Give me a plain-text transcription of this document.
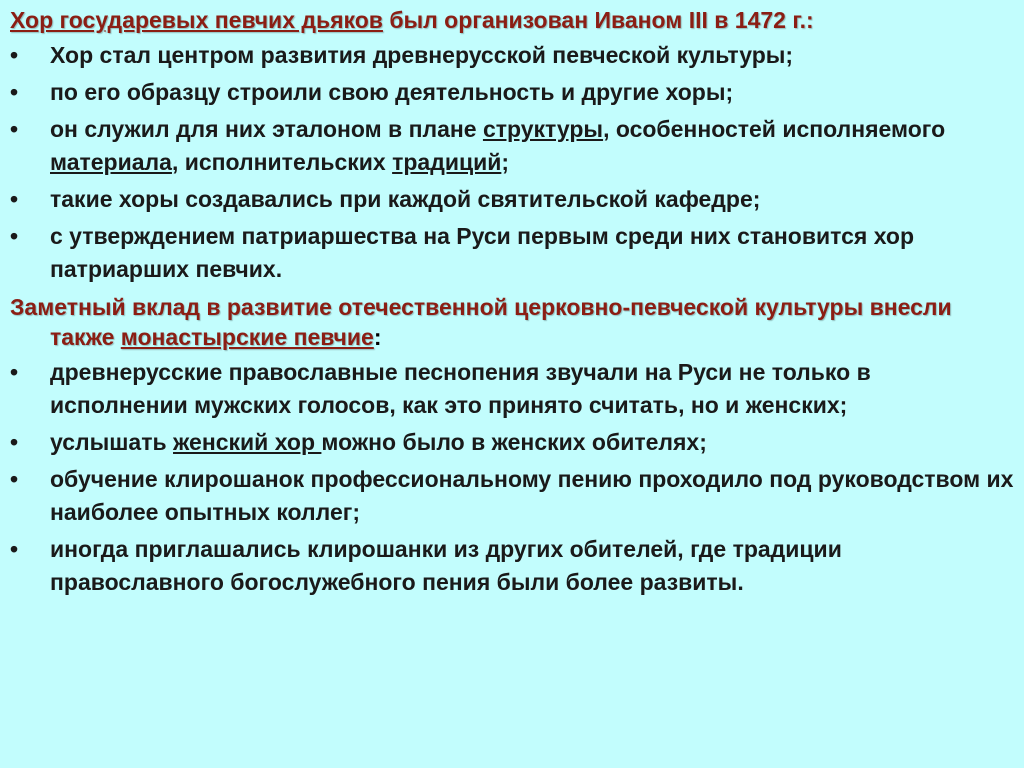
Хор государевых певчих дьяков был организован Иваном III в 1472 г.:

•	Хор стал центром развития древнерусской певческой культуры;
•	по его образцу строили свою деятельность и другие хоры;
•	он служил для них эталоном в плане структуры, особенностей исполняемого материала, исполнительских традиций;
•	такие хоры создавались при каждой святительской кафедре;
•	с утверждением патриаршества на Руси первым среди них становится хор патриарших певчих.

Заметный вклад в развитие отечественной церковно-певческой культуры внесли также монастырские певчие:

•	древнерусские православные песнопения звучали на Руси не только в исполнении мужских голосов, как это принято считать, но и женских;
•	услышать женский хор можно было в женских обителях;
•	обучение клирошанок профессиональному пению проходило под руководством их наиболее опытных коллег;
•	иногда приглашались клирошанки из других обителей, где традиции православного богослужебного пения были более развиты.
